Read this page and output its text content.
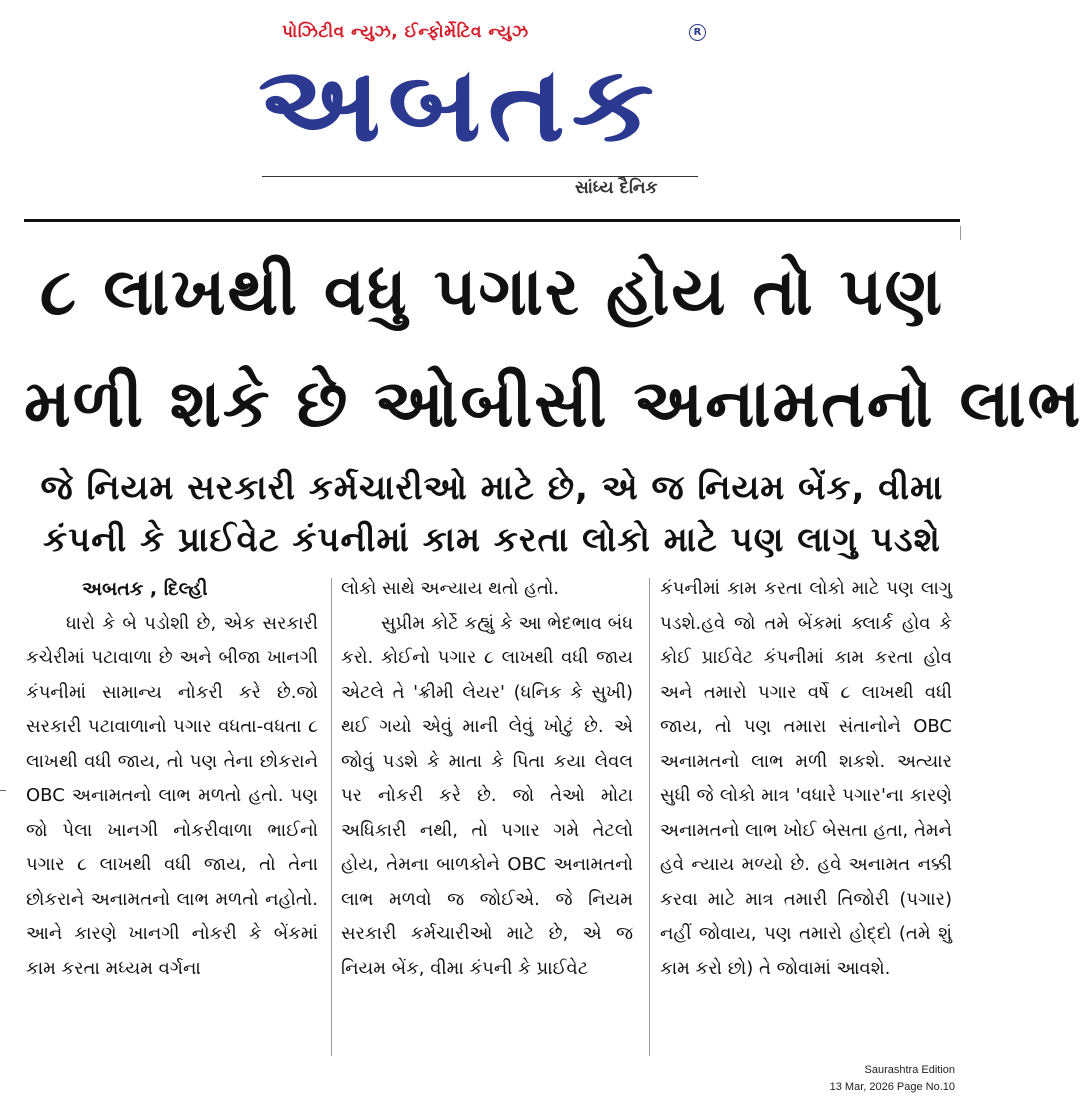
પોઝિટીવ ન્યુઝ, ઈન્ફોર્મેટિવ ન્યુઝ
અબતક
R
સાંધ્ય દૈનિક
૮ લાખથી વધુ પગાર હોય તો પણ
મળી શકે છે ઓબીસી અનામતનો લાભ
જે નિયમ સરકારી કર્મચારીઓ માટે છે, એ જ નિયમ બેંક, વીમા
કંપની કે પ્રાઈવેટ કંપનીમાં કામ કરતા લોકો માટે પણ લાગુ પડશે
અબતક , દિલ્હી

ધારો કે બે પડોશી છે, એક સરકારી કચેરીમાં પટાવાળા છે અને બીજા ખાનગી કંપનીમાં સામાન્ય નોકરી કરે છે.જો સરકારી પટાવાળાનો પગાર વધતા-વધતા ૮ લાખથી વધી જાય, તો પણ તેના છોકરાને OBC અનામતનો લાભ મળતો હતો. પણ જો પેલા ખાનગી નોકરીવાળા ભાઈનો પગાર ૮ લાખથી વધી જાય, તો તેના છોકરાને અનામતનો લાભ મળતો નહોતો. આને કારણે ખાનગી નોકરી કે બેંકમાં કામ કરતા મધ્યમ વર્ગના

લોકો સાથે અન્યાય થતો હતો.

સુપ્રીમ કોર્ટે કહ્યું કે આ ભેદભાવ બંધ કરો. કોઈનો પગાર ૮ લાખથી વધી જાય એટલે તે 'ક્રીમી લેયર' (ધનિક કે સુખી) થઈ ગયો એવું માની લેવું ખોટું છે. એ જોવું પડશે કે માતા કે પિતા કયા લેવલ પર નોકરી કરે છે. જો તેઓ મોટા અધિકારી નથી, તો પગાર ગમે તેટલો હોય, તેમના બાળકોને OBC અનામતનો લાભ મળવો જ જોઈએ. જે નિયમ સરકારી કર્મચારીઓ માટે છે, એ જ નિયમ બેંક, વીમા કંપની કે પ્રાઈવેટ

કંપનીમાં કામ કરતા લોકો માટે પણ લાગુ પડશે.હવે જો તમે બેંકમાં ક્લાર્ક હોવ કે કોઈ પ્રાઈવેટ કંપનીમાં કામ કરતા હોવ અને તમારો પગાર વર્ષે ૮ લાખથી વધી જાય, તો પણ તમારા સંતાનોને OBC અનામતનો લાભ મળી શકશે. અત્યાર સુધી જે લોકો માત્ર 'વધારે પગાર'ના કારણે અનામતનો લાભ ખોઈ બેસતા હતા, તેમને હવે ન્યાય મળ્યો છે. હવે અનામત નક્કી કરવા માટે માત્ર તમારી તિજોરી (પગાર) નહીં જોવાય, પણ તમારો હોદ્દો (તમે શું કામ કરો છો) તે જોવામાં આવશે.

Saurashtra Edition
13 Mar, 2026 Page No.10
